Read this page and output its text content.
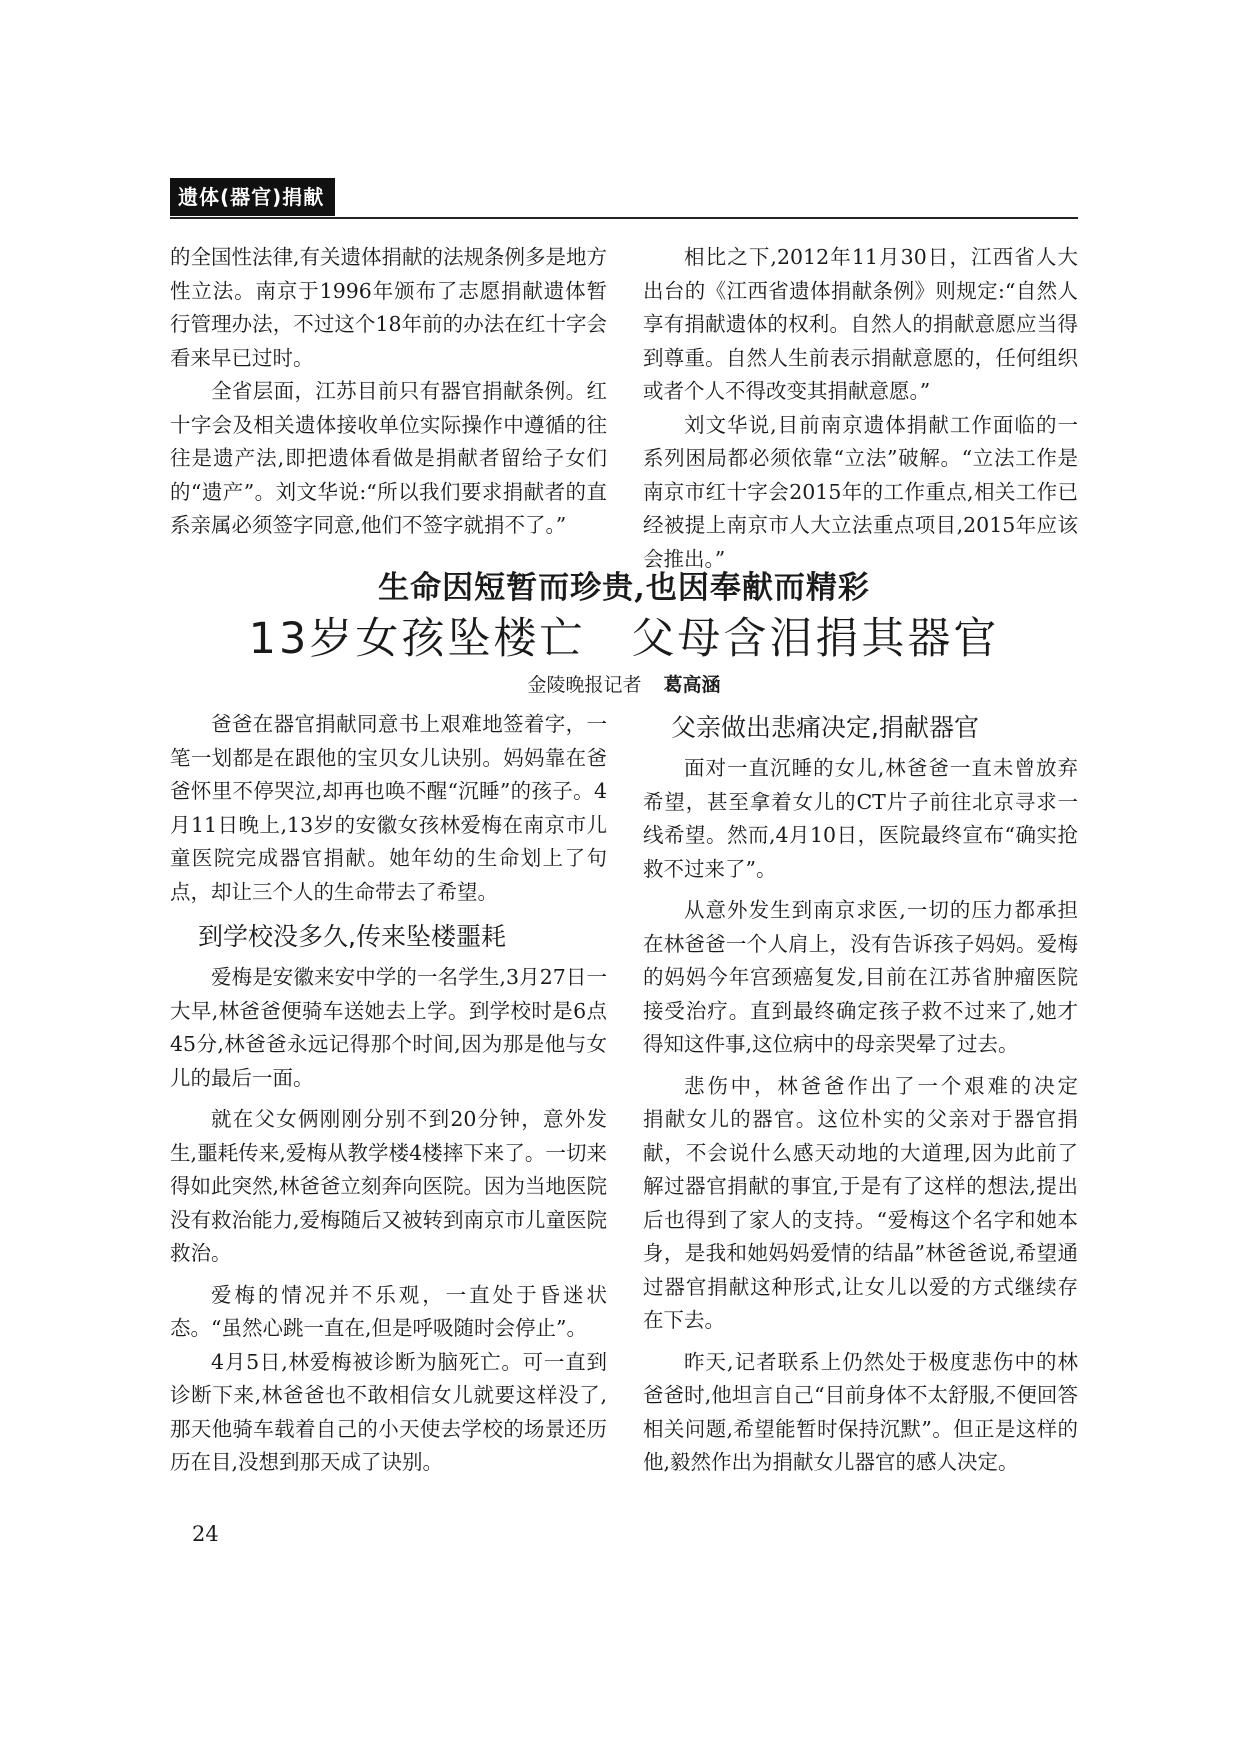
遗体(器官)捐献

的全国性法律,有关遗体捐献的法规条例多是地方性立法。南京于1996年颁布了志愿捐献遗体暂行管理办法，不过这个18年前的办法在红十字会看来早已过时。

全省层面，江苏目前只有器官捐献条例。红十字会及相关遗体接收单位实际操作中遵循的往往是遗产法,即把遗体看做是捐献者留给子女们的“遗产”。刘文华说:“所以我们要求捐献者的直系亲属必须签字同意,他们不签字就捐不了。”

相比之下,2012年11月30日，江西省人大出台的《江西省遗体捐献条例》则规定:“自然人享有捐献遗体的权利。自然人的捐献意愿应当得到尊重。自然人生前表示捐献意愿的，任何组织或者个人不得改变其捐献意愿。”

刘文华说,目前南京遗体捐献工作面临的一系列困局都必须依靠“立法”破解。“立法工作是南京市红十字会2015年的工作重点,相关工作已经被提上南京市人大立法重点项目,2015年应该会推出。”

生命因短暂而珍贵,也因奉献而精彩
13岁女孩坠楼亡　父母含泪捐其器官
金陵晚报记者 葛高涵

爸爸在器官捐献同意书上艰难地签着字，一笔一划都是在跟他的宝贝女儿诀别。妈妈靠在爸爸怀里不停哭泣,却再也唤不醒“沉睡”的孩子。4月11日晚上,13岁的安徽女孩林爱梅在南京市儿童医院完成器官捐献。她年幼的生命划上了句点，却让三个人的生命带去了希望。

到学校没多久,传来坠楼噩耗

爱梅是安徽来安中学的一名学生,3月27日一大早,林爸爸便骑车送她去上学。到学校时是6点45分,林爸爸永远记得那个时间,因为那是他与女儿的最后一面。

就在父女俩刚刚分别不到20分钟，意外发生,噩耗传来,爱梅从教学楼4楼摔下来了。一切来得如此突然,林爸爸立刻奔向医院。因为当地医院没有救治能力,爱梅随后又被转到南京市儿童医院救治。

爱梅的情况并不乐观，一直处于昏迷状态。“虽然心跳一直在,但是呼吸随时会停止”。

4月5日,林爱梅被诊断为脑死亡。可一直到诊断下来,林爸爸也不敢相信女儿就要这样没了,那天他骑车载着自己的小天使去学校的场景还历历在目,没想到那天成了诀别。

父亲做出悲痛决定,捐献器官

面对一直沉睡的女儿,林爸爸一直未曾放弃希望，甚至拿着女儿的CT片子前往北京寻求一线希望。然而,4月10日，医院最终宣布“确实抢救不过来了”。

从意外发生到南京求医,一切的压力都承担在林爸爸一个人肩上，没有告诉孩子妈妈。爱梅的妈妈今年宫颈癌复发,目前在江苏省肿瘤医院接受治疗。直到最终确定孩子救不过来了,她才得知这件事,这位病中的母亲哭晕了过去。

悲伤中，林爸爸作出了一个艰难的决定　　捐献女儿的器官。这位朴实的父亲对于器官捐献，不会说什么感天动地的大道理,因为此前了解过器官捐献的事宜,于是有了这样的想法,提出后也得到了家人的支持。“爱梅这个名字和她本身，是我和她妈妈爱情的结晶”林爸爸说,希望通过器官捐献这种形式,让女儿以爱的方式继续存在下去。

昨天,记者联系上仍然处于极度悲伤中的林爸爸时,他坦言自己“目前身体不太舒服,不便回答相关问题,希望能暂时保持沉默”。但正是这样的他,毅然作出为捐献女儿器官的感人决定。

24
